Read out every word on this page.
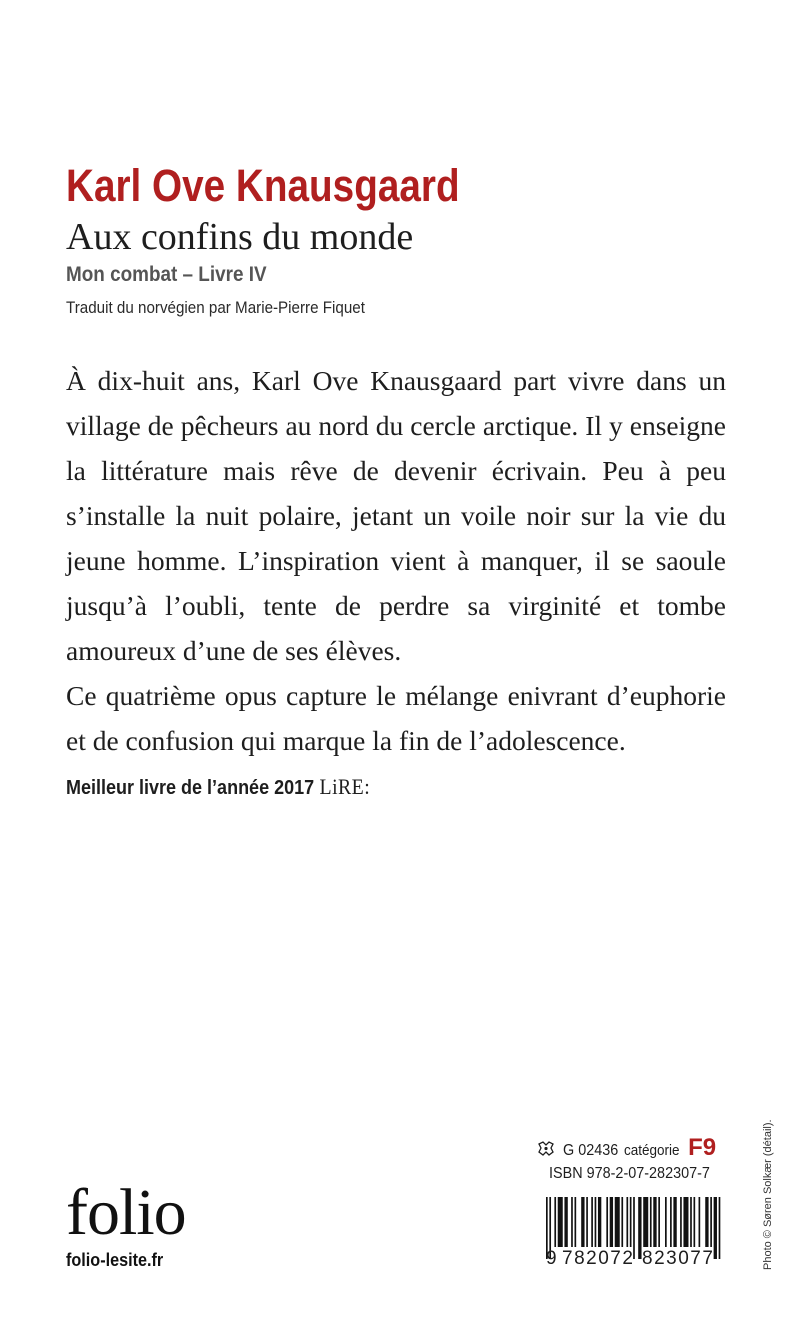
Karl Ove Knausgaard
Aux confins du monde
Mon combat – Livre IV
Traduit du norvégien par Marie-Pierre Fiquet

À dix-huit ans, Karl Ove Knausgaard part vivre dans un village de pêcheurs au nord du cercle arctique. Il y enseigne la littérature mais rêve de devenir écrivain. Peu à peu s’installe la nuit polaire, jetant un voile noir sur la vie du jeune homme. L’inspiration vient à manquer, il se saoule jusqu’à l’oubli, tente de perdre sa virginité et tombe amoureux d’une de ses élèves.

Ce quatrième opus capture le mélange enivrant d’euphorie et de confusion qui marque la fin de l’adolescence.

Meilleur livre de l’année 2017 LiRE:
folio
folio-lesite.fr
G 02436 catégorie F9
ISBN 978-2-07-282307-7
9 782072 823077	Photo © Søren Solkær (détail).
